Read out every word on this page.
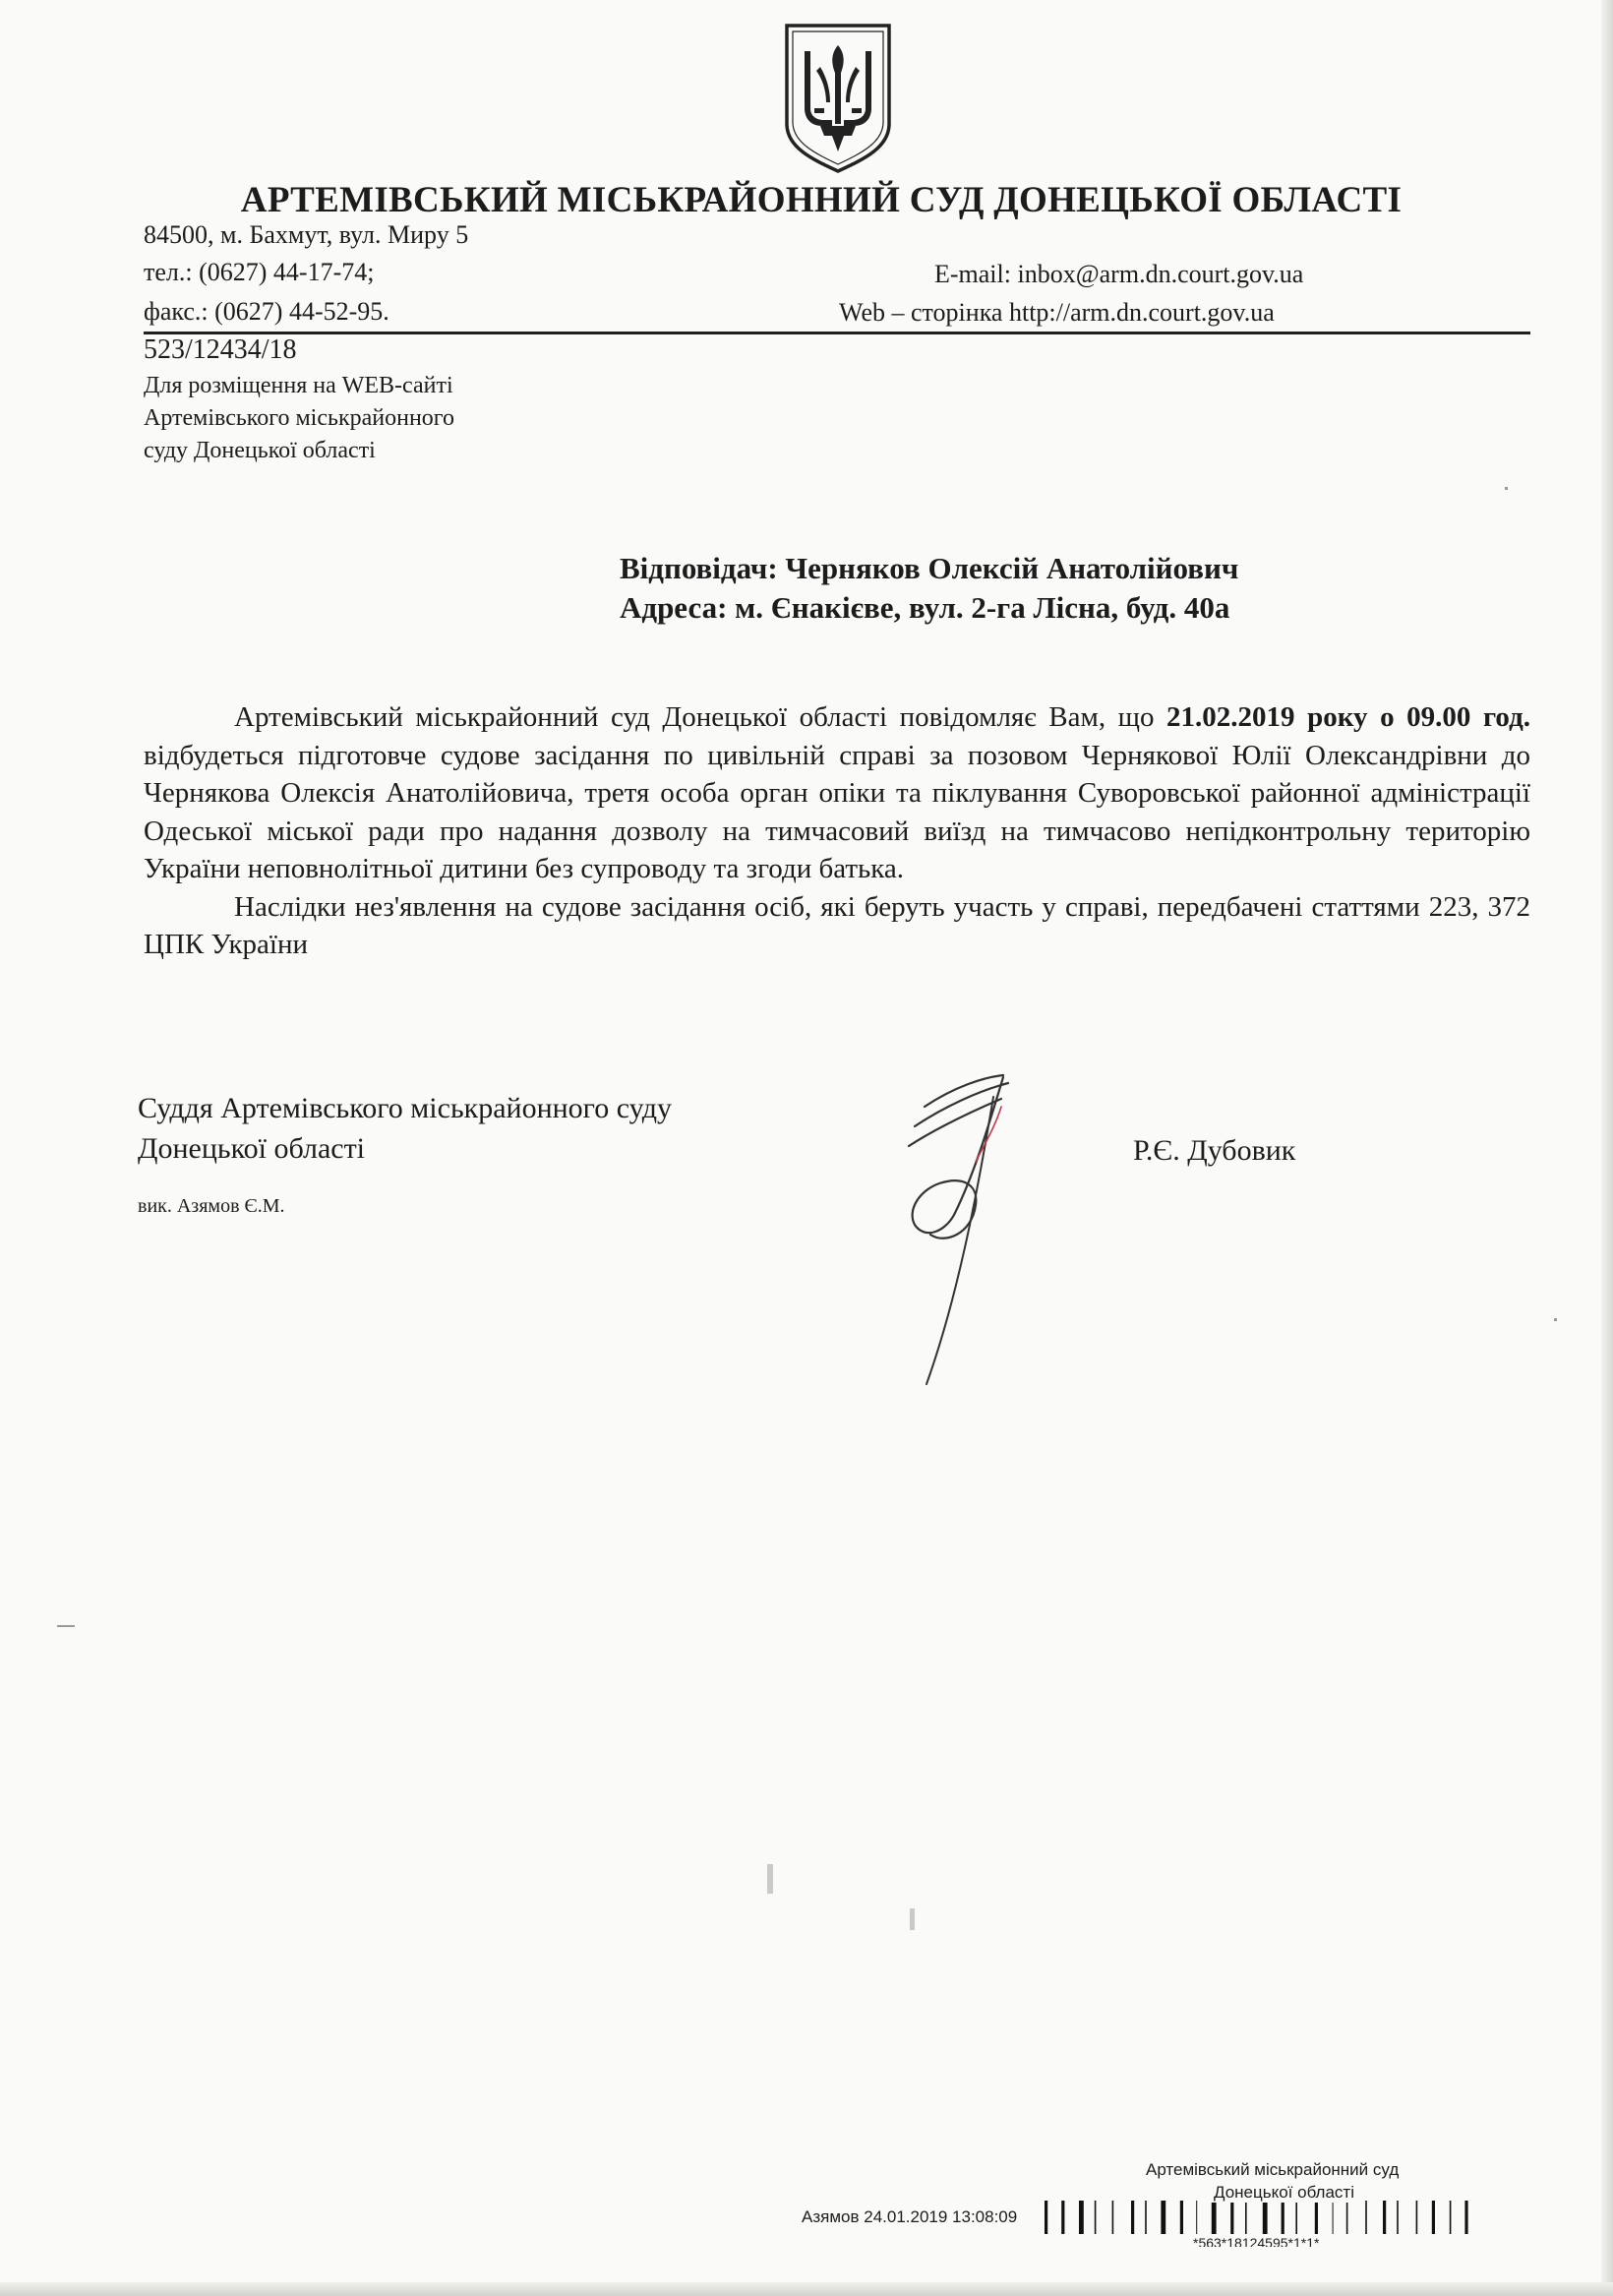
АРТЕМІВСЬКИЙ МІСЬКРАЙОННИЙ СУД ДОНЕЦЬКОЇ ОБЛАСТІ
84500, м. Бахмут, вул. Миру 5
тел.: (0627) 44-17-74;
факс.: (0627) 44-52-95.
E-mail: inbox@arm.dn.court.gov.ua
Web – сторінка http://arm.dn.court.gov.ua
523/12434/18
Для розміщення на WEB-сайті
Артемівського міськрайонного
суду Донецької області
Відповідач: Черняков Олексій Анатолійович
Адреса: м. Єнакієве, вул. 2-га Лісна, буд. 40а

Артемівський міськрайонний суд Донецької області повідомляє Вам, що 21.02.2019 року о 09.00 год. відбудеться підготовче судове засідання по цивільній справі за позовом Чернякової Юлії Олександрівни до Чернякова Олексія Анатолійовича, третя особа орган опіки та піклування Суворовської районної адміністрації Одеської міської ради про надання дозволу на тимчасовий виїзд на тимчасово непідконтрольну територію України неповнолітньої дитини без супроводу та згоди батька.

Наслідки нез'явлення на судове засідання осіб, які беруть участь у справі, передбачені статтями 223, 372 ЦПК України

Суддя Артемівського міськрайонного суду
Донецької області
вик. Азямов Є.М.
Р.Є. Дубовик
Артемівський міськрайонний суд
Азямов 24.01.2019 13:08:09
Донецької області
*563*18124595*1*1*
